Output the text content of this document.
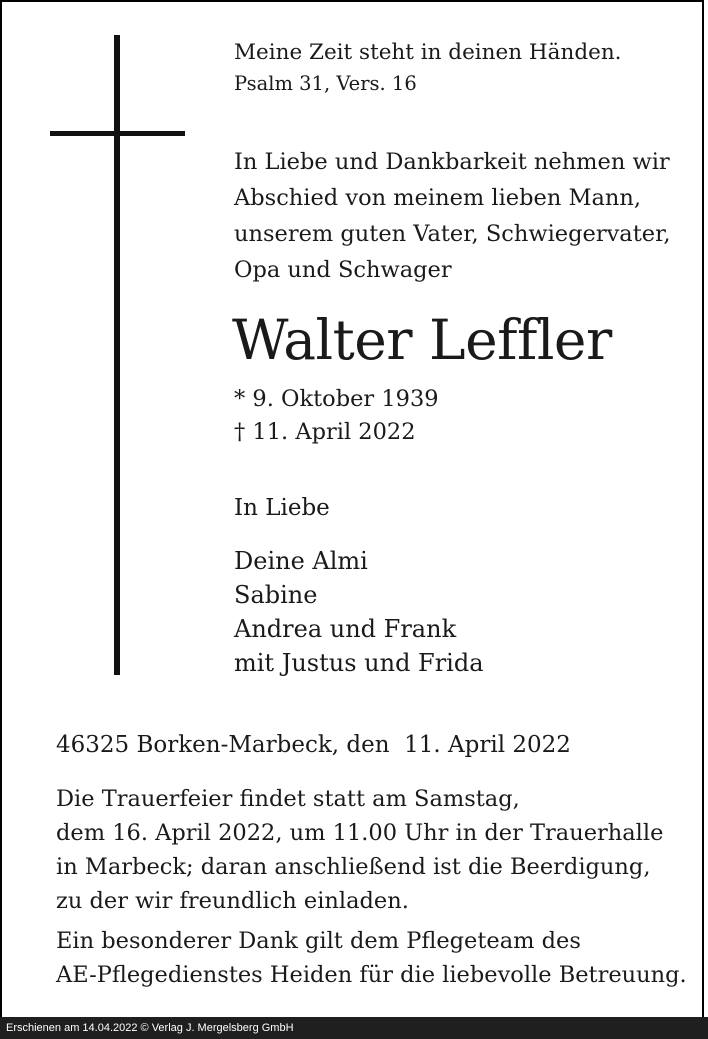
Meine Zeit steht in deinen Händen.
Psalm 31, Vers. 16
In Liebe und Dankbarkeit nehmen wir
Abschied von meinem lieben Mann,
unserem guten Vater, Schwiegervater,
Opa und Schwager
Walter Leffler
* 9. Oktober 1939
† 11. April 2022
In Liebe
Deine Almi
Sabine
Andrea und Frank
mit Justus und Frida
46325 Borken-Marbeck, den  11. April 2022
Die Trauerfeier findet statt am Samstag,
dem 16. April 2022, um 11.00 Uhr in der Trauerhalle
in Marbeck; daran anschließend ist die Beerdigung,
zu der wir freundlich einladen.
Ein besonderer Dank gilt dem Pflegeteam des
AE-Pflegedienstes Heiden für die liebevolle Betreuung.
Erschienen am 14.04.2022 © Verlag J. Mergelsberg GmbH
